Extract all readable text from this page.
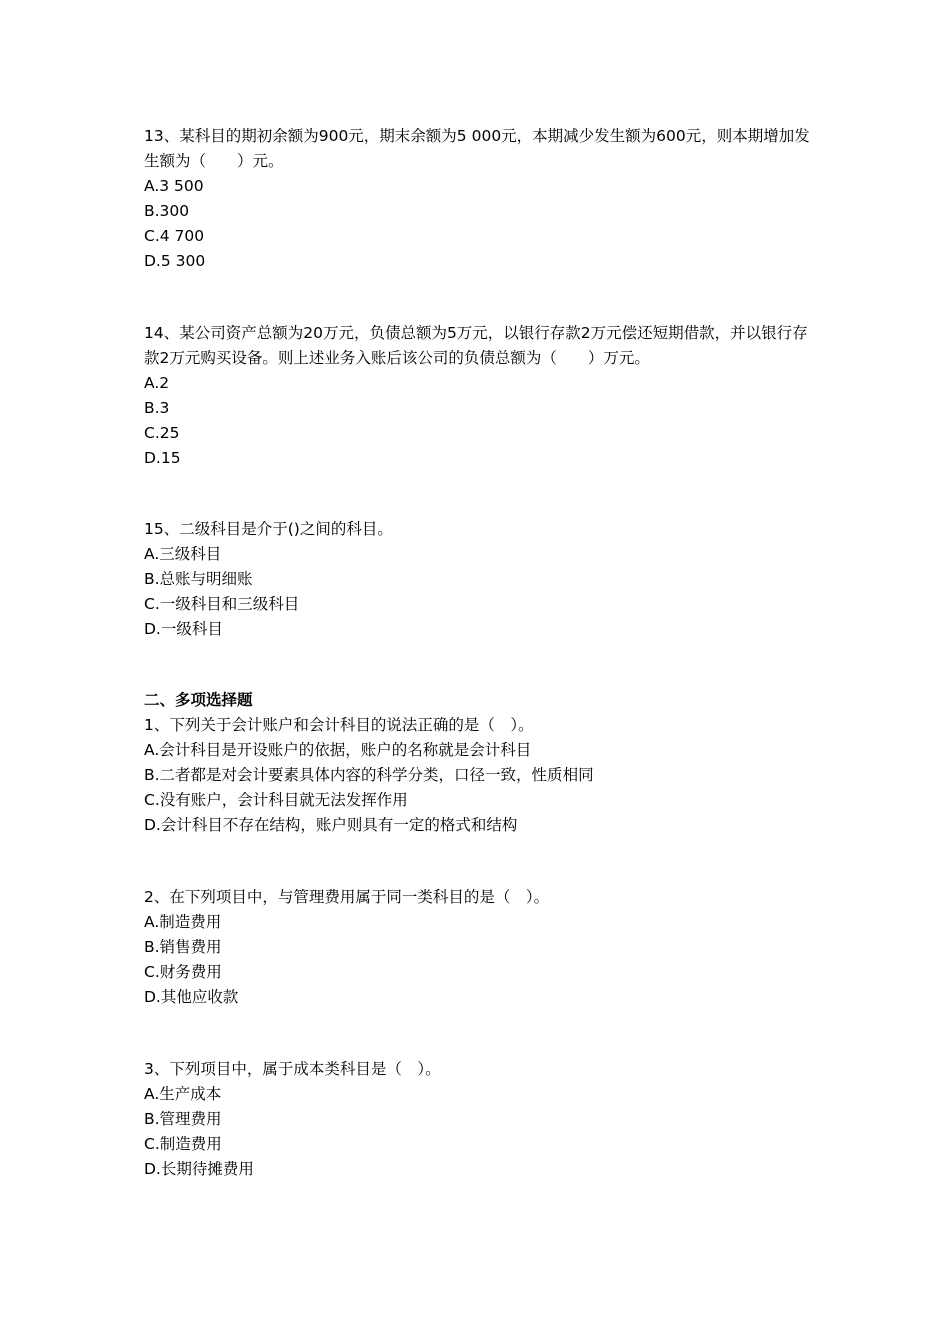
13、某科目的期初余额为900元，期末余额为5 000元，本期减少发生额为600元，则本期增加发生额为（　　）元。
A.3 500
B.300
C.4 700
D.5 300
14、某公司资产总额为20万元，负债总额为5万元，以银行存款2万元偿还短期借款，并以银行存款2万元购买设备。则上述业务入账后该公司的负债总额为（　　）万元。
A.2
B.3
C.25
D.15
15、二级科目是介于()之间的科目。
A.三级科目
B.总账与明细账
C.一级科目和三级科目
D.一级科目
二、多项选择题
1、下列关于会计账户和会计科目的说法正确的是（　）。
A.会计科目是开设账户的依据，账户的名称就是会计科目
B.二者都是对会计要素具体内容的科学分类，口径一致，性质相同
C.没有账户，会计科目就无法发挥作用
D.会计科目不存在结构，账户则具有一定的格式和结构
2、在下列项目中，与管理费用属于同一类科目的是（　）。
A.制造费用
B.销售费用
C.财务费用
D.其他应收款
3、下列项目中，属于成本类科目是（　）。
A.生产成本
B.管理费用
C.制造费用
D.长期待摊费用
